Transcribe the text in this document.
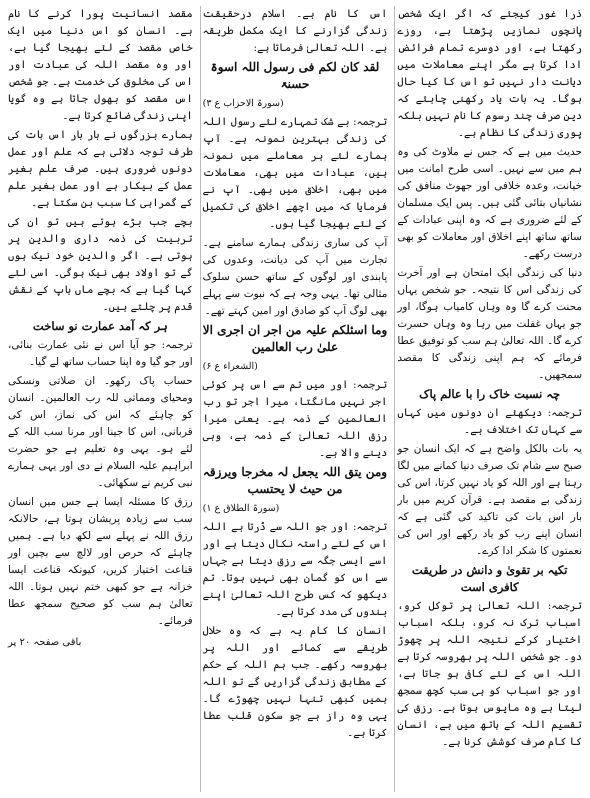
ذرا غور کیجئے کہ اگر ایک شخص پانچوں نمازیں پڑھتا ہے، روزے رکھتا ہے، اور دوسرے تمام فرائض ادا کرتا ہے مگر اپنے معاملات میں دیانت دار نہیں تو اس کا کیا حال ہوگا۔ یہ بات یاد رکھنی چاہئے کہ دین صرف چند رسوم کا نام نہیں بلکہ پوری زندگی کا نظام ہے۔

حدیث میں ہے کہ جس نے ملاوٹ کی وہ ہم میں سے نہیں۔ اسی طرح امانت میں خیانت، وعدہ خلافی اور جھوٹ منافق کی نشانیاں بتائی گئی ہیں۔ پس ایک مسلمان کے لئے ضروری ہے کہ وہ اپنی عبادات کے ساتھ ساتھ اپنے اخلاق اور معاملات کو بھی درست رکھے۔

دنیا کی زندگی ایک امتحان ہے اور آخرت کی زندگی اس کا نتیجہ۔ جو شخص یہاں محنت کرے گا وہ وہاں کامیاب ہوگا، اور جو یہاں غفلت میں رہا وہ وہاں حسرت کرے گا۔ اللہ تعالیٰ ہم سب کو توفیق عطا فرمائے کہ ہم اپنی زندگی کا مقصد سمجھیں۔

چہ نسبت خاک را با عالم پاک

ترجمہ: دیکھئے ان دونوں میں کہاں سے کہاں تک اختلاف ہے۔

یہ بات بالکل واضح ہے کہ ایک انسان جو صبح سے شام تک صرف دنیا کمانے میں لگا رہتا ہے اور اللہ کو یاد نہیں کرتا، اس کی زندگی بے مقصد ہے۔ قرآن کریم میں بار بار اس بات کی تاکید کی گئی ہے کہ انسان اپنے رب کو یاد رکھے اور اس کی نعمتوں کا شکر ادا کرے۔

تکیہ بر تقویٰ و دانش در طریقت کافری است

ترجمہ: اللہ تعالیٰ پر توکل کرو، اسباب ترک نہ کرو، بلکہ اسباب اختیار کرکے نتیجہ اللہ پر چھوڑ دو۔ جو شخص اللہ پر بھروسہ کرتا ہے اللہ اس کے لئے کافی ہو جاتا ہے، اور جو اسباب کو ہی سب کچھ سمجھ لیتا ہے وہ مایوس ہوتا ہے۔ رزق کی تقسیم اللہ کے ہاتھ میں ہے، انسان کا کام صرف کوشش کرنا ہے۔

اس کا نام ہے۔ اسلام درحقیقت زندگی گزارنے کا ایک مکمل طریقہ ہے۔ اللہ تعالیٰ فرماتا ہے:

لقد کان لکم فی رسول اللہ اسوۃ حسنۃ
(سورۃ الاحزاب ع ۳)

ترجمہ: بے شک تمہارے لئے رسول اللہ کی زندگی بہترین نمونہ ہے۔ آپ ہمارے لئے ہر معاملے میں نمونہ ہیں، عبادات میں بھی، معاملات میں بھی، اخلاق میں بھی۔ آپ نے فرمایا کہ میں اچھے اخلاق کی تکمیل کے لئے بھیجا گیا ہوں۔

آپ کی ساری زندگی ہمارے سامنے ہے۔ تجارت میں آپ کی دیانت، وعدوں کی پابندی اور لوگوں کے ساتھ حسن سلوک مثالی تھا۔ یہی وجہ ہے کہ نبوت سے پہلے بھی لوگ آپ کو صادق اور امین کہتے تھے۔

وما اسئلکم علیہ من اجر ان اجری الا علیٰ رب العالمین
(الشعراء ع ۶)

ترجمہ: اور میں تم سے اس پر کوئی اجر نہیں مانگتا، میرا اجر تو رب العالمین کے ذمہ ہے۔ یعنی میرا رزق اللہ تعالیٰ کے ذمہ ہے، وہی دینے والا ہے۔

ومن یتق اللہ یجعل لہ مخرجا ویرزقہ من حیث لا یحتسب
(سورۃ الطلاق ع ۱)

ترجمہ: اور جو اللہ سے ڈرتا ہے اللہ اس کے لئے راستہ نکال دیتا ہے اور اسے ایسی جگہ سے رزق دیتا ہے جہاں سے اس کو گمان بھی نہیں ہوتا۔ تم دیکھو کہ کس طرح اللہ تعالیٰ اپنے بندوں کی مدد کرتا ہے۔

انسان کا کام یہ ہے کہ وہ حلال طریقے سے کمائے اور اللہ پر بھروسہ رکھے۔ جب ہم اللہ کے حکم کے مطابق زندگی گزاریں گے تو اللہ ہمیں کبھی تنہا نہیں چھوڑے گا۔ یہی وہ راز ہے جو سکون قلب عطا کرتا ہے۔

مقصد انسانیت پورا کرنے کا نام ہے۔ انسان کو اس دنیا میں ایک خاص مقصد کے لئے بھیجا گیا ہے، اور وہ مقصد اللہ کی عبادت اور اس کی مخلوق کی خدمت ہے۔ جو شخص اس مقصد کو بھول جاتا ہے وہ گویا اپنی زندگی ضائع کرتا ہے۔

ہمارے بزرگوں نے بار بار اس بات کی طرف توجہ دلائی ہے کہ علم اور عمل دونوں ضروری ہیں۔ صرف علم بغیر عمل کے بیکار ہے اور عمل بغیر علم کے گمراہی کا سبب بن سکتا ہے۔

بچے جب بڑے ہوتے ہیں تو ان کی تربیت کی ذمہ داری والدین پر ہوتی ہے۔ اگر والدین خود نیک ہوں گے تو اولاد بھی نیک ہوگی۔ اسی لئے کہا گیا ہے کہ بچے ماں باپ کے نقش قدم پر چلتے ہیں۔

ہر کہ آمد عمارت نو ساخت

ترجمہ: جو آیا اس نے نئی عمارت بنائی، اور جو گیا وہ اپنا حساب ساتھ لے گیا۔

حساب پاک رکھو۔ ان صلاتی ونسکی ومحیای ومماتی للہ رب العالمین۔ انسان کو چاہئے کہ اس کی نماز، اس کی قربانی، اس کا جینا اور مرنا سب اللہ کے لئے ہو۔ یہی وہ تعلیم ہے جو حضرت ابراہیم علیہ السلام نے دی اور یہی ہمارے نبی کریم نے سکھائی۔

رزق کا مسئلہ ایسا ہے جس میں انسان سب سے زیادہ پریشان ہوتا ہے، حالانکہ رزق اللہ نے پہلے سے لکھ دیا ہے۔ ہمیں چاہئے کہ حرص اور لالچ سے بچیں اور قناعت اختیار کریں، کیونکہ قناعت ایسا خزانہ ہے جو کبھی ختم نہیں ہوتا۔ اللہ تعالیٰ ہم سب کو صحیح سمجھ عطا فرمائے۔

باقی صفحہ ۲۰ پر
